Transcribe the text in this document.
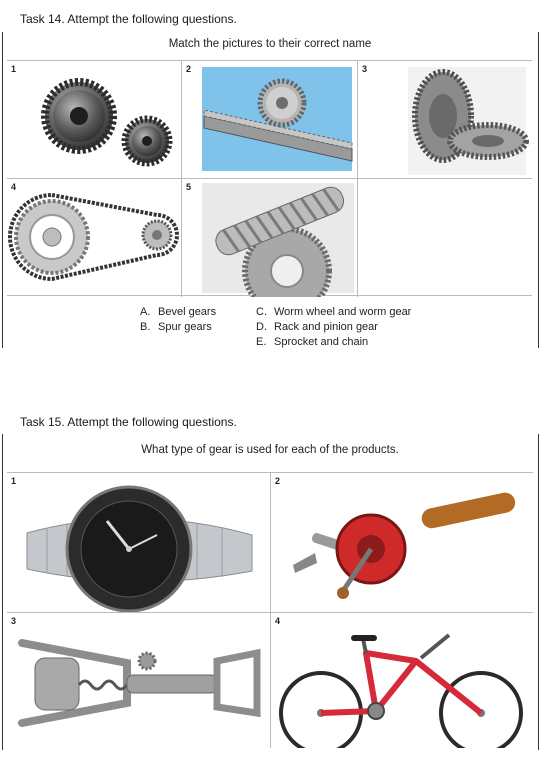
Task 14. Attempt the following questions.
Match the pictures to their correct name
1	2	3
4	5
A. Bevel gears
B. Spur gears
C. Worm wheel and worm gear
D. Rack and pinion gear
E. Sprocket and chain
Task 15. Attempt the following questions.
What type of gear is used for each of the products.
1	2
3	4
